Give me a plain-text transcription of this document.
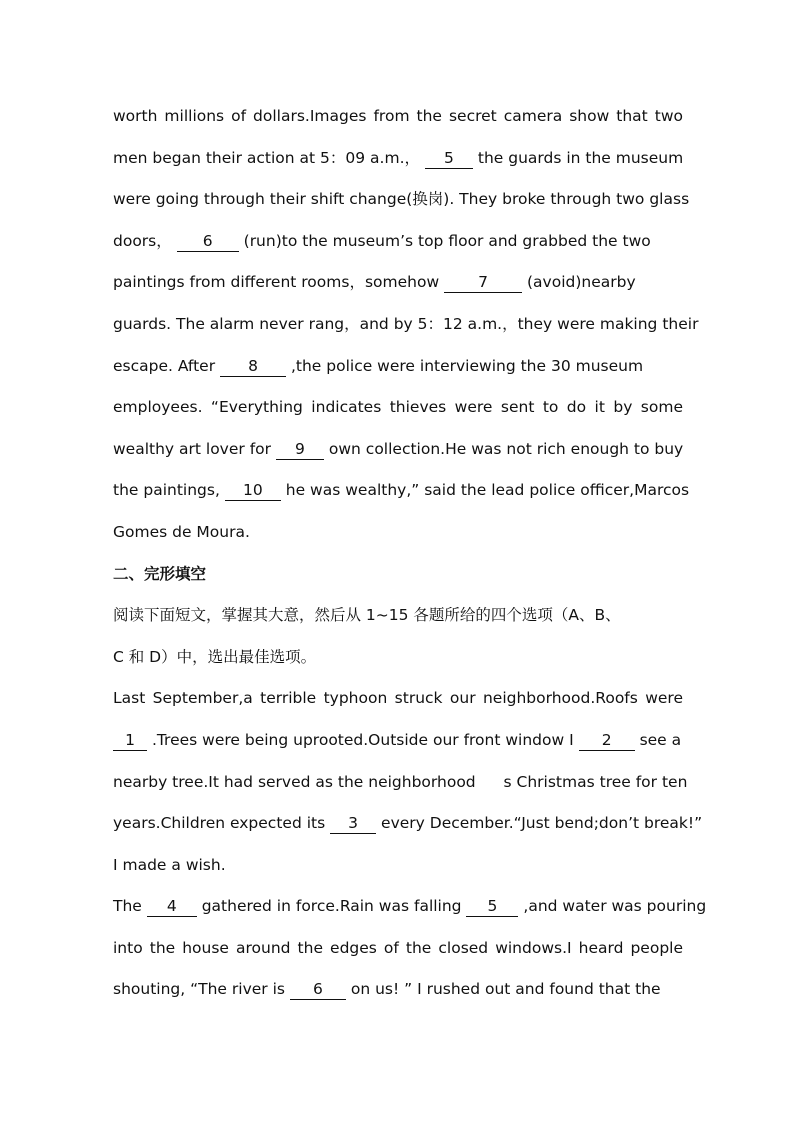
worth millions of dollars.Images from the secret camera show that two
men began their action at 5：09 a.m.， 5 the guards in the museum
were going through their shift change(换岗). They broke through two glass
doors， 6 (run)to the museum’s top floor and grabbed the two
paintings from different rooms，somehow	7	(avoid)nearby
guards. The alarm never rang，and by 5：12 a.m.，they were making their
escape. After 8 ,the police were interviewing the 30 museum
employees. “Everything indicates thieves were sent to do it by some
wealthy art lover for 9 own collection.He was not rich enough to buy
the paintings, 10 he was wealthy,” said the lead police officer,Marcos
Gomes de Moura.
二、完形填空
阅读下面短文，掌握其大意，然后从 1~15 各题所给的四个选项（A、B、
C 和 D）中，选出最佳选项。
Last September,a terrible typhoon struck our neighborhood.Roofs were
1 .Trees were being uprooted.Outside our front window I 2 see a
nearby tree.It had served as the neighborhood s Christmas tree for ten
years.Children expected its 3 every December.“Just bend;don’t break!”
I made a wish.
The 4 gathered in force.Rain was falling 5 ,and water was pouring
into the house around the edges of the closed windows.I heard people
shouting, “The river is 6 on us! ” I rushed out and found that the
